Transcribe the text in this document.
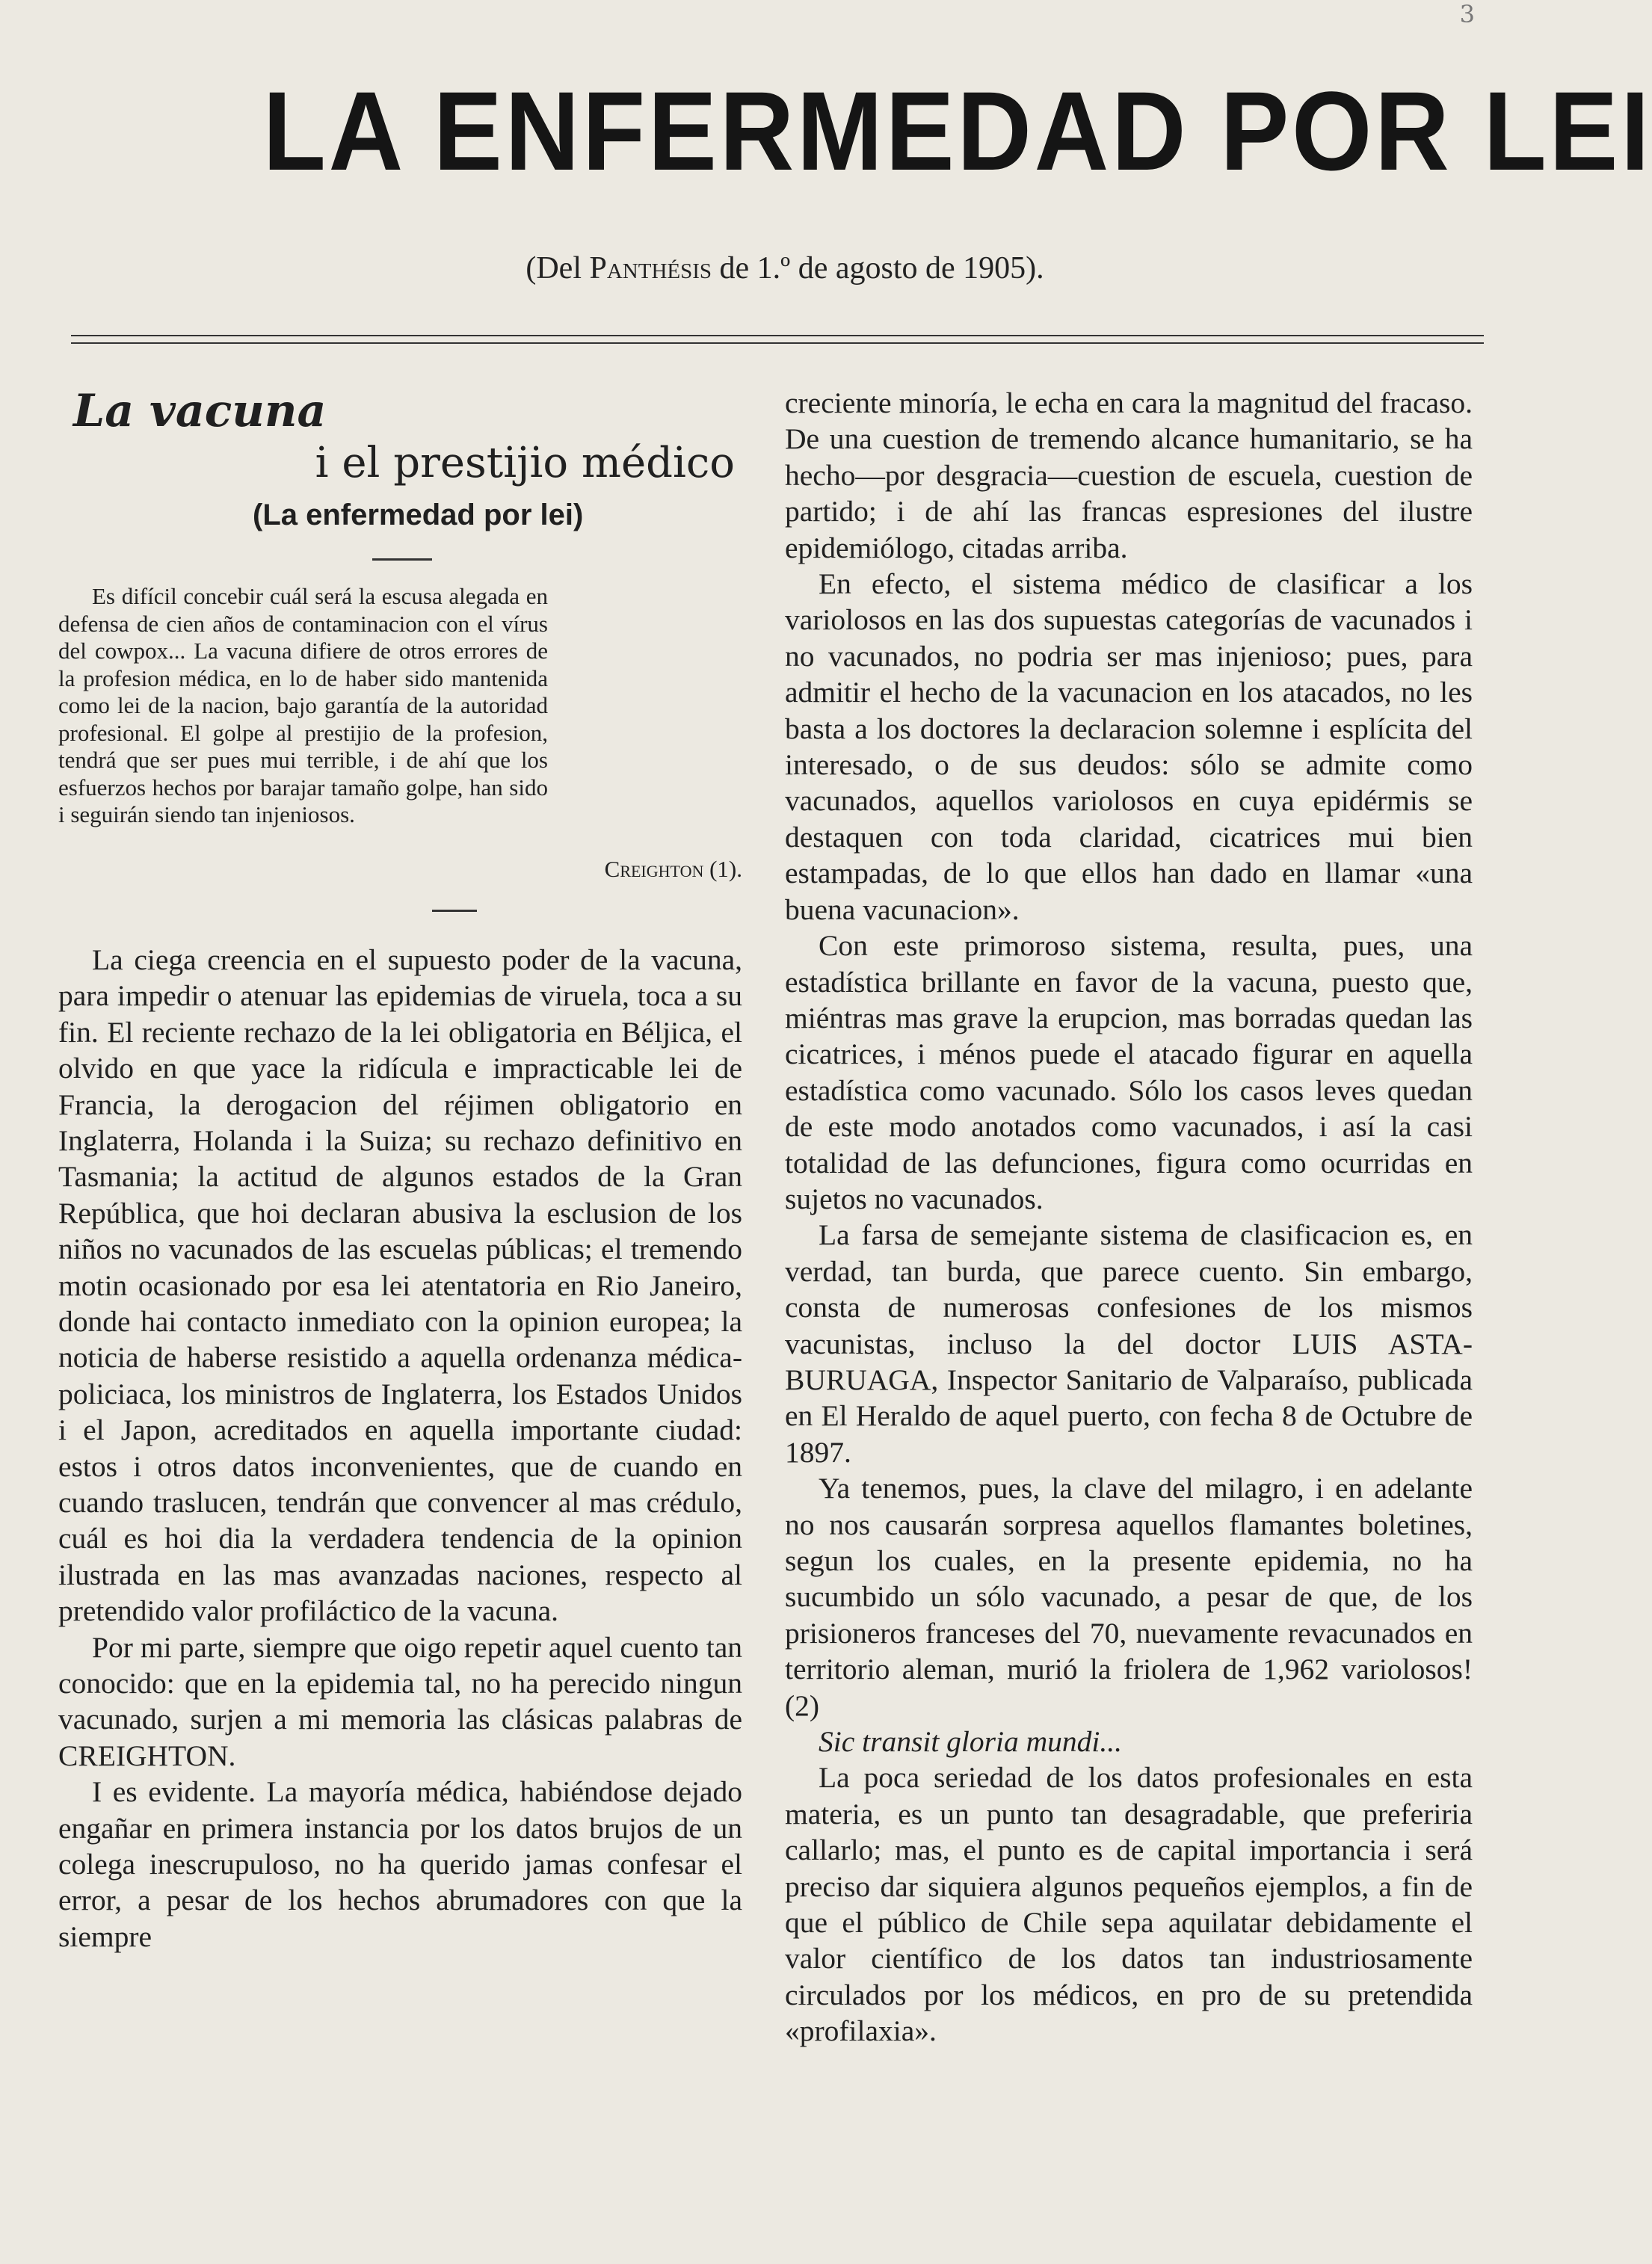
3
LA ENFERMEDAD POR LEI
(Del Panthésis de 1.º de agosto de 1905).
La vacuna
i el prestijio médico
(La enfermedad por lei)

Es difícil concebir cuál será la escusa alegada en defensa de cien años de contaminacion con el vírus del cowpox... La vacuna difiere de otros errores de la profesion médica, en lo de haber sido mantenida como lei de la nacion, bajo garantía de la autoridad profesional. El golpe al prestijio de la profesion, tendrá que ser pues mui terrible, i de ahí que los esfuerzos hechos por barajar tamaño golpe, han sido i seguirán siendo tan injeniosos.

Creighton (1).

La ciega creencia en el supuesto poder de la vacuna, para impedir o atenuar las epidemias de viruela, toca a su fin. El reciente rechazo de la lei obligatoria en Béljica, el olvido en que yace la ridícula e impracticable lei de Francia, la derogacion del réjimen obligatorio en Inglaterra, Holanda i la Suiza; su rechazo definitivo en Tasmania; la actitud de algunos estados de la Gran República, que hoi declaran abusiva la esclusion de los niños no vacunados de las escuelas públicas; el tremendo motin ocasionado por esa lei atentatoria en Rio Janeiro, donde hai contacto inmediato con la opinion europea; la noticia de haberse resistido a aquella ordenanza médica-policiaca, los ministros de Inglaterra, los Estados Unidos i el Japon, acreditados en aquella importante ciudad: estos i otros datos inconvenientes, que de cuando en cuando traslucen, tendrán que convencer al mas crédulo, cuál es hoi dia la verdadera tendencia de la opinion ilustrada en las mas avanzadas naciones, respecto al pretendido valor profiláctico de la vacuna.

Por mi parte, siempre que oigo repetir aquel cuento tan conocido: que en la epidemia tal, no ha perecido ningun vacunado, surjen a mi memoria las clásicas palabras de CREIGHTON.

I es evidente. La mayoría médica, habiéndose dejado engañar en primera instancia por los datos brujos de un colega inescrupuloso, no ha querido jamas confesar el error, a pesar de los hechos abrumadores con que la siempre

creciente minoría, le echa en cara la magnitud del fracaso. De una cuestion de tremendo alcance humanitario, se ha hecho—por desgracia—cuestion de escuela, cuestion de partido; i de ahí las francas espresiones del ilustre epidemiólogo, citadas arriba.

En efecto, el sistema médico de clasificar a los variolosos en las dos supuestas categorías de vacunados i no vacunados, no podria ser mas injenioso; pues, para admitir el hecho de la vacunacion en los atacados, no les basta a los doctores la declaracion solemne i esplícita del interesado, o de sus deudos: sólo se admite como vacunados, aquellos variolosos en cuya epidérmis se destaquen con toda claridad, cicatrices mui bien estampadas, de lo que ellos han dado en llamar «una buena vacunacion».

Con este primoroso sistema, resulta, pues, una estadística brillante en favor de la vacuna, puesto que, miéntras mas grave la erupcion, mas borradas quedan las cicatrices, i ménos puede el atacado figurar en aquella estadística como vacunado. Sólo los casos leves quedan de este modo anotados como vacunados, i así la casi totalidad de las defunciones, figura como ocurridas en sujetos no vacunados.

La farsa de semejante sistema de clasificacion es, en verdad, tan burda, que parece cuento. Sin embargo, consta de numerosas confesiones de los mismos vacunistas, incluso la del doctor LUIS ASTA-BURUAGA, Inspector Sanitario de Valparaíso, publicada en El Heraldo de aquel puerto, con fecha 8 de Octubre de 1897.

Ya tenemos, pues, la clave del milagro, i en adelante no nos causarán sorpresa aquellos flamantes boletines, segun los cuales, en la presente epidemia, no ha sucumbido un sólo vacunado, a pesar de que, de los prisioneros franceses del 70, nuevamente revacunados en territorio aleman, murió la friolera de 1,962 variolosos! (2)

Sic transit gloria mundi...

La poca seriedad de los datos profesionales en esta materia, es un punto tan desagradable, que preferiria callarlo; mas, el punto es de capital importancia i será preciso dar siquiera algunos pequeños ejemplos, a fin de que el público de Chile sepa aquilatar debidamente el valor científico de los datos tan industriosamente circulados por los médicos, en pro de su pretendida «profilaxia».
